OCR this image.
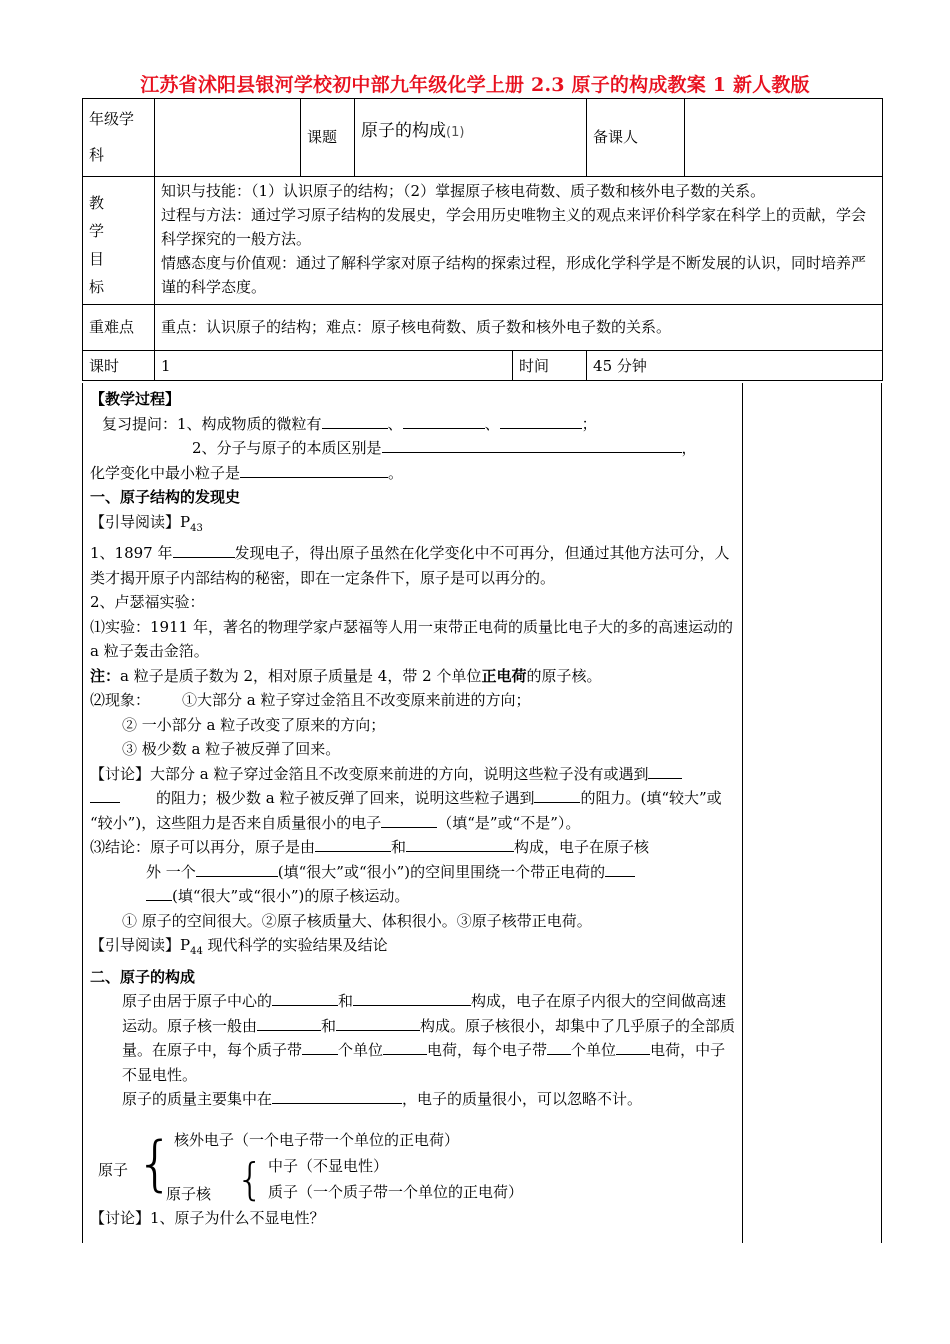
江苏省沭阳县银河学校初中部九年级化学上册 2.3 原子的构成教案 1 新人教版
年级学科		课题	原子的构成(1)		备课人	

教学目标	知识与技能：（1）认识原子的结构；（2）掌握原子核电荷数、质子数和核外电子数的关系。
过程与方法：通过学习原子结构的发展史，学会用历史唯物主义的观点来评价科学家在科学上的贡献，学会科学探究的一般方法。
情感态度与价值观：通过了解科学家对原子结构的探索过程，形成化学科学是不断发展的认识，同时培养严谨的科学态度。					

重难点	重点：认识原子的结构；难点：原子核电荷数、质子数和核外电子数的关系。					
课时	1			时间	45 分钟	

【教学过程】

复习提问：1、构成物质的微粒有	、	、	；

2、分子与原子的本质区别是	，

化学变化中最小粒子是	。

一、原子结构的发现史

【引导阅读】$P_{43}$

1、1897 年	发现电子，得出原子虽然在化学变化中不可再分，但通过其他方法可分，人类才揭开原子内部结构的秘密，即在一定条件下，原子是可以再分的。

2、卢瑟福实验：

⑴实验：1911 年，著名的物理学家卢瑟福等人用一束带正电荷的质量比电子大的多的高速运动的 a 粒子轰击金箔。

注：a 粒子是质子数为 2，相对原子质量是 4，带 2 个单位正电荷的原子核。

⑵现象： ①大部分 a 粒子穿过金箔且不改变原来前进的方向；

② 一小部分 a 粒子改变了原来的方向；

③ 极少数 a 粒子被反弹了回来。

【讨论】大部分 a 粒子穿过金箔且不改变原来前进的方向，说明这些粒子没有或遇到
的阻力；极少数 a 粒子被反弹了回来，说明这些粒子遇到	的阻力。(填“较大”或 “较小”)，这些阻力是否来自质量很小的电子	（填“是”或“不是”）。

⑶结论：原子可以再分，原子是由	和	构成，电子在原子核

外 一个	(填“很大”或“很小”)的空间里围绕一个带正电荷的

(填“很大”或“很小”)的原子核运动。

① 原子的空间很大。②原子核质量大、体积很小。③原子核带正电荷。

【引导阅读】$P_{44}$ 现代科学的实验结果及结论

二、原子的构成

原子由居于原子中心的	和	构成，电子在原子内很大的空间做高速运动。原子核一般由	和	构成。原子核很小，却集中了几乎原子的全部质量。在原子中，每个质子带 个单位	电荷，每个电子带 个单位 电荷，中子不显电性。

原子的质量主要集中在	，电子的质量很小，可以忽略不计。

原子 { 核外电子（一个电子带一个单位的正电荷）
原子核 { 中子（不显电性）
质子（一个质子带一个单位的正电荷）

【讨论】1、原子为什么不显电性？
